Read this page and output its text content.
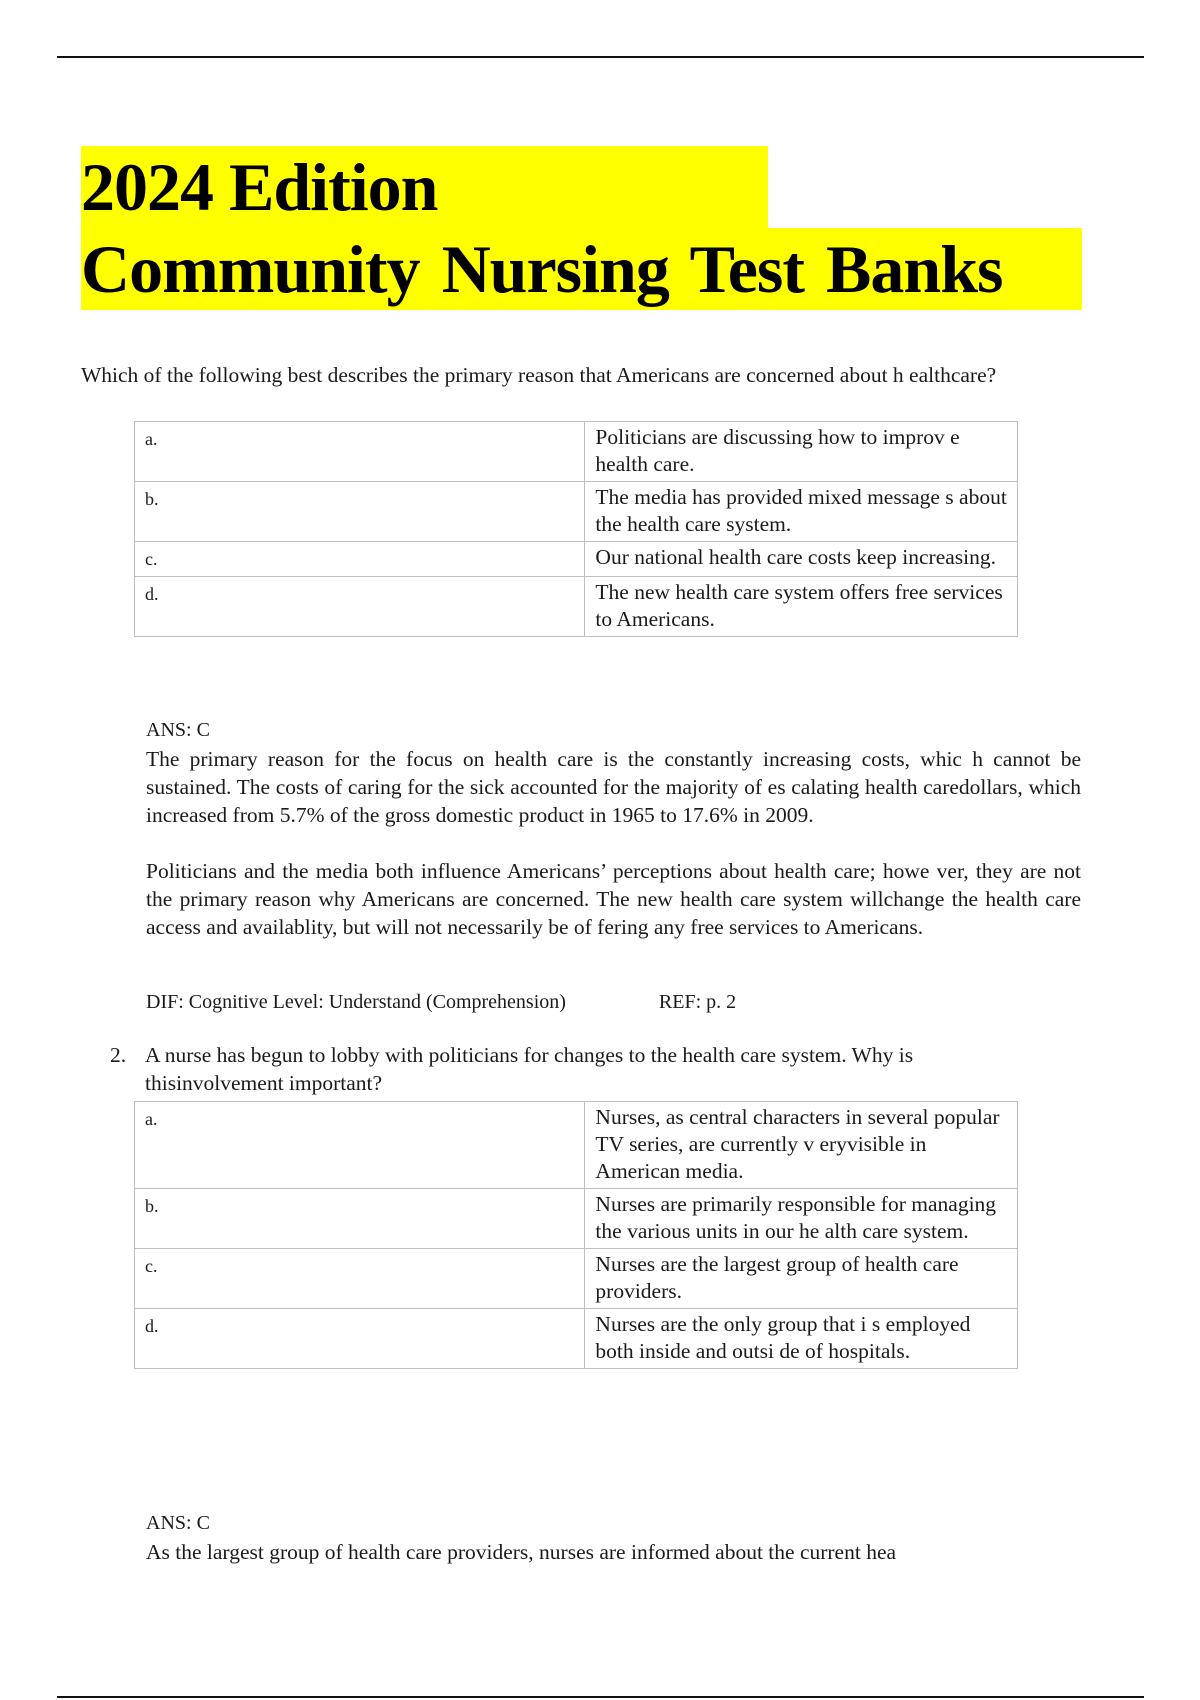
2024 Edition
Community Nursing Test Banks
Which of the following best describes the primary reason that Americans are concerned about h ealthcare?
a.	Politicians are discussing how to improv e health care.
b.	The media has provided mixed message s about the health care system.
c.	Our national health care costs keep increasing.
d.	The new health care system offers free services to Americans.
ANS: C
The primary reason for the focus on health care is the constantly increasing costs, whic h cannot be sustained. The costs of caring for the sick accounted for the majority of es calating health caredollars, which increased from 5.7% of the gross domestic product in 1965 to 17.6% in 2009.
Politicians and the media both influence Americans’ perceptions about health care; howe ver, they are not the primary reason why Americans are concerned. The new health care system willchange the health care access and availablity, but will not necessarily be of fering any free services to Americans.
DIF: Cognitive Level: Understand (Comprehension)	REF: p. 2
2. A nurse has begun to lobby with politicians for changes to the health care system. Why is thisinvolvement important?
a.	Nurses, as central characters in several popular TV series, are currently v eryvisible in American media.
b.	Nurses are primarily responsible for managing the various units in our he alth care system.
c.	Nurses are the largest group of health care providers.
d.	Nurses are the only group that i s employed both inside and outsi de of hospitals.
ANS: C
As the largest group of health care providers, nurses are informed about the current hea
